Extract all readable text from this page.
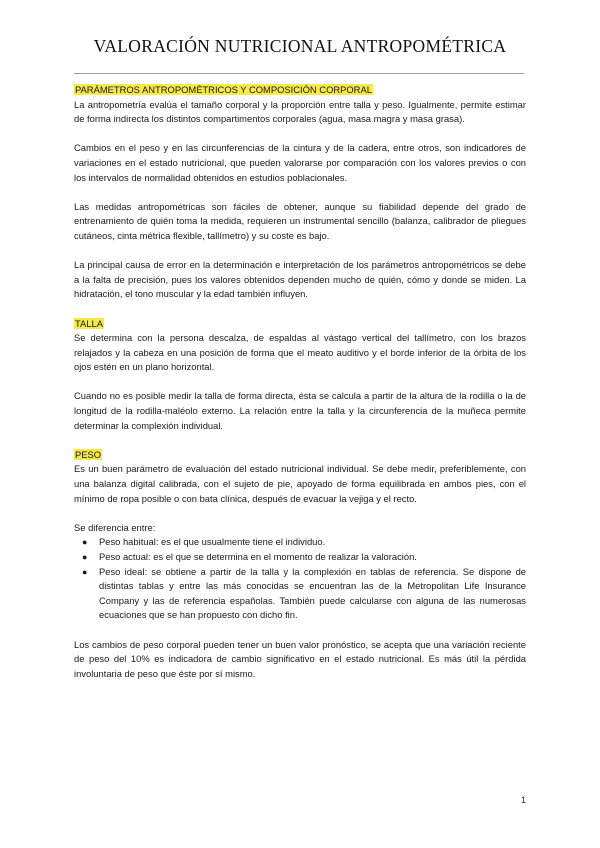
VALORACIÓN NUTRICIONAL ANTROPOMÉTRICA
PARÁMETROS ANTROPOMÉTRICOS Y COMPOSICIÓN CORPORAL

La antropometría evalúa el tamaño corporal y la proporción entre talla y peso. Igualmente, permite estimar de forma indirecta los distintos compartimentos corporales (agua, masa magra y masa grasa).

Cambios en el peso y en las circunferencias de la cintura y de la cadera, entre otros, son indicadores de variaciones en el estado nutricional, que pueden valorarse por comparación con los valores previos o con los intervalos de normalidad obtenidos en estudios poblacionales.

Las medidas antropométricas son fáciles de obtener, aunque su fiabilidad depende del grado de entrenamiento de quién toma la medida, requieren un instrumental sencillo (balanza, calibrador de pliegues cutáneos, cinta métrica flexible, tallímetro) y su coste es bajo.

La principal causa de error en la determinación e interpretación de los parámetros antropométricos se debe a la falta de precisión, pues los valores obtenidos dependen mucho de quién, cómo y donde se miden. La hidratación, el tono muscular y la edad también influyen.

TALLA

Se determina con la persona descalza, de espaldas al vástago vertical del tallímetro, con los brazos relajados y la cabeza en una posición de forma que el meato auditivo y el borde inferior de la órbita de los ojos estén en un plano horizontal.

Cuando no es posible medir la talla de forma directa, ésta se calcula a partir de la altura de la rodilla o la de longitud de la rodilla-maléolo externo. La relación entre la talla y la circunferencia de la muñeca permite determinar la complexión individual.

PESO

Es un buen parámetro de evaluación del estado nutricional individual. Se debe medir, preferiblemente, con una balanza digital calibrada, con el sujeto de pie, apoyado de forma equilibrada en ambos pies, con el mínimo de ropa posible o con bata clínica, después de evacuar la vejiga y el recto.

Se diferencia entre:

● Peso habitual: es el que usualmente tiene el individuo.
● Peso actual: es el que se determina en el momento de realizar la valoración.
● Peso ideal: se obtiene a partir de la talla y la complexión en tablas de referencia. Se dispone de distintas tablas y entre las más conocidas se encuentran las de la Metropolitan Life Insurance Company y las de referencia españolas. También puede calcularse con alguna de las numerosas ecuaciones que se han propuesto con dicho fin.

Los cambios de peso corporal pueden tener un buen valor pronóstico, se acepta que una variación reciente de peso del 10% es indicadora de cambio significativo en el estado nutricional. Es más útil la pérdida involuntaria de peso que éste por sí mismo.

1
